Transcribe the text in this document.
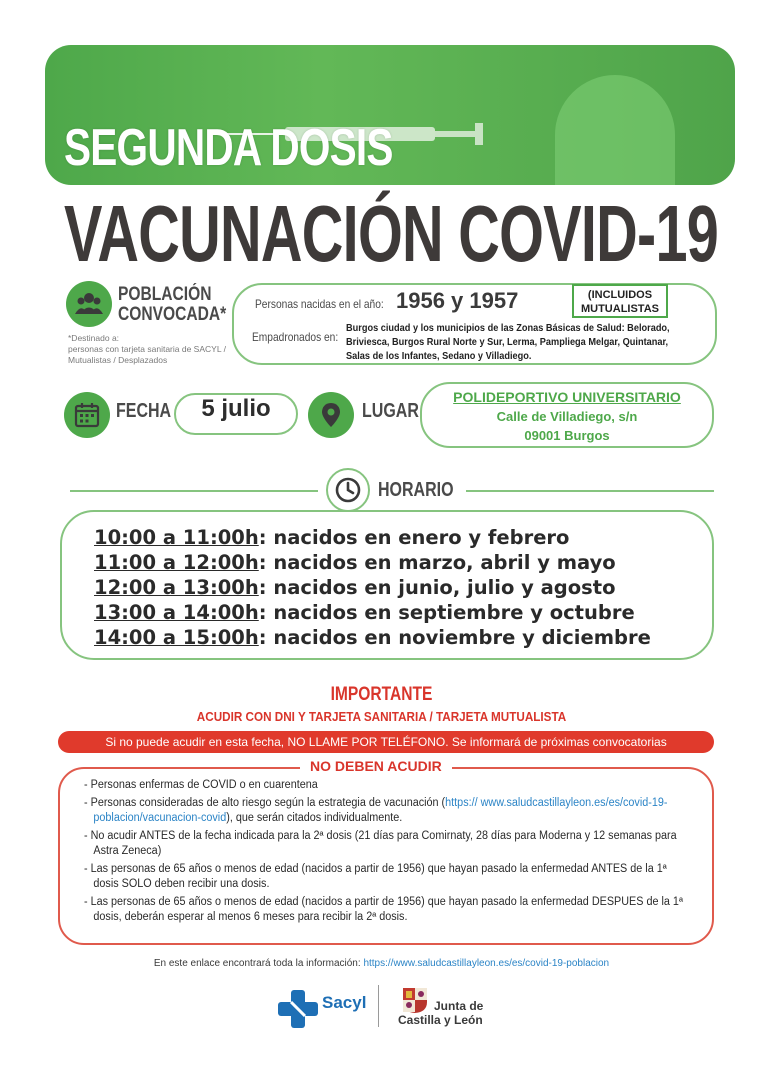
SEGUNDA DOSIS
VACUNACIÓN COVID-19
POBLACIÓN
CONVOCADA*
*Destinado a:
personas con tarjeta sanitaria de SACYL / Mutualistas / Desplazados
Personas nacidas en el año: 1956 y 1957	(INCLUIDOS
MUTUALISTAS
Empadronados en:
Burgos ciudad y los municipios de las Zonas Básicas de Salud: Belorado, Briviesca, Burgos Rural Norte y Sur, Lerma, Pampliega Melgar, Quintanar, Salas de los Infantes, Sedano y Villadiego.
FECHA	5 julio	LUGAR
POLIDEPORTIVO UNIVERSITARIO
Calle de Villadiego, s/n
09001 Burgos
HORARIO
10:00 a 11:00h: nacidos en enero y febrero
11:00 a 12:00h: nacidos en marzo, abril y mayo
12:00 a 13:00h: nacidos en junio, julio y agosto
13:00 a 14:00h: nacidos en septiembre y octubre
14:00 a 15:00h: nacidos en noviembre y diciembre
IMPORTANTE
ACUDIR CON DNI Y TARJETA SANITARIA / TARJETA MUTUALISTA
Si no puede acudir en esta fecha, NO LLAME POR TELÉFONO. Se informará de próximas convocatorias
NO DEBEN ACUDIR
- Personas enfermas de COVID o en cuarentena
- Personas consideradas de alto riesgo según la estrategia de vacunación (https:// www.saludcastillayleon.es/es/covid-19-poblacion/vacunacion-covid), que serán citados individualmente.
- No acudir ANTES de la fecha indicada para la 2ª dosis (21 días para Comirnaty, 28 días para Moderna y 12 semanas para Astra Zeneca)
- Las personas de 65 años o menos de edad (nacidos a partir de 1956) que hayan pasado la enfermedad ANTES de la 1ª dosis SOLO deben recibir una dosis.
- Las personas de 65 años o menos de edad (nacidos a partir de 1956) que hayan pasado la enfermedad DESPUES de la 1ª dosis, deberán esperar al menos 6 meses para recibir la 2ª dosis.
En este enlace encontrará toda la información: https://www.saludcastillayleon.es/es/covid-19-poblacion
Sacyl	Junta de
Castilla y León
